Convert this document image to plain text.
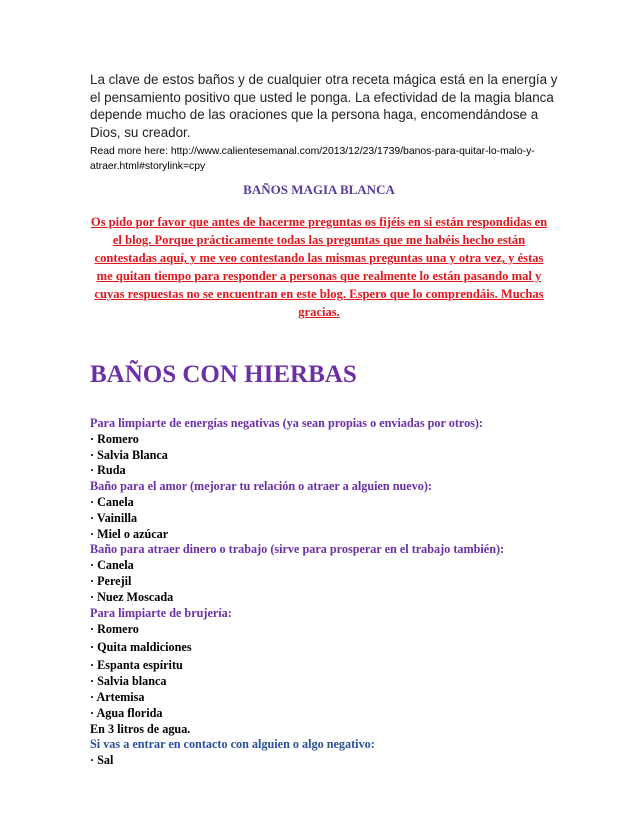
La clave de estos baños y de cualquier otra receta mágica está en la energía y el pensamiento positivo que usted le ponga. La efectividad de la magia blanca depende mucho de las oraciones que la persona haga, encomendándose a Dios, su creador.

Read more here: http://www.calientesemanal.com/2013/12/23/1739/banos-para-quitar-lo-malo-y-atraer.html#storylink=cpy

BAÑOS MAGIA BLANCA

Os pido por favor que antes de hacerme preguntas os fijéis en si están respondidas en el blog. Porque prácticamente todas las preguntas que me habéis hecho están contestadas aquí, y me veo contestando las mismas preguntas una y otra vez, y éstas me quitan tiempo para responder a personas que realmente lo están pasando mal y cuyas respuestas no se encuentran en este blog. Espero que lo comprendáis. Muchas gracias.

BAÑOS CON HIERBAS
Para limpiarte de energías negativas (ya sean propias o enviadas por otros):
· Romero
· Salvia Blanca
· Ruda
Baño para el amor (mejorar tu relación o atraer a alguien nuevo):
· Canela
· Vainilla
· Miel o azúcar
Baño para atraer dinero o trabajo (sirve para prosperar en el trabajo también):
· Canela
· Perejil
· Nuez Moscada
Para limpiarte de brujería:
· Romero
· Quita maldiciones
· Espanta espíritu
· Salvia blanca
· Artemisa
· Agua florida
En 3 litros de agua.
Si vas a entrar en contacto con alguien o algo negativo:
· Sal
